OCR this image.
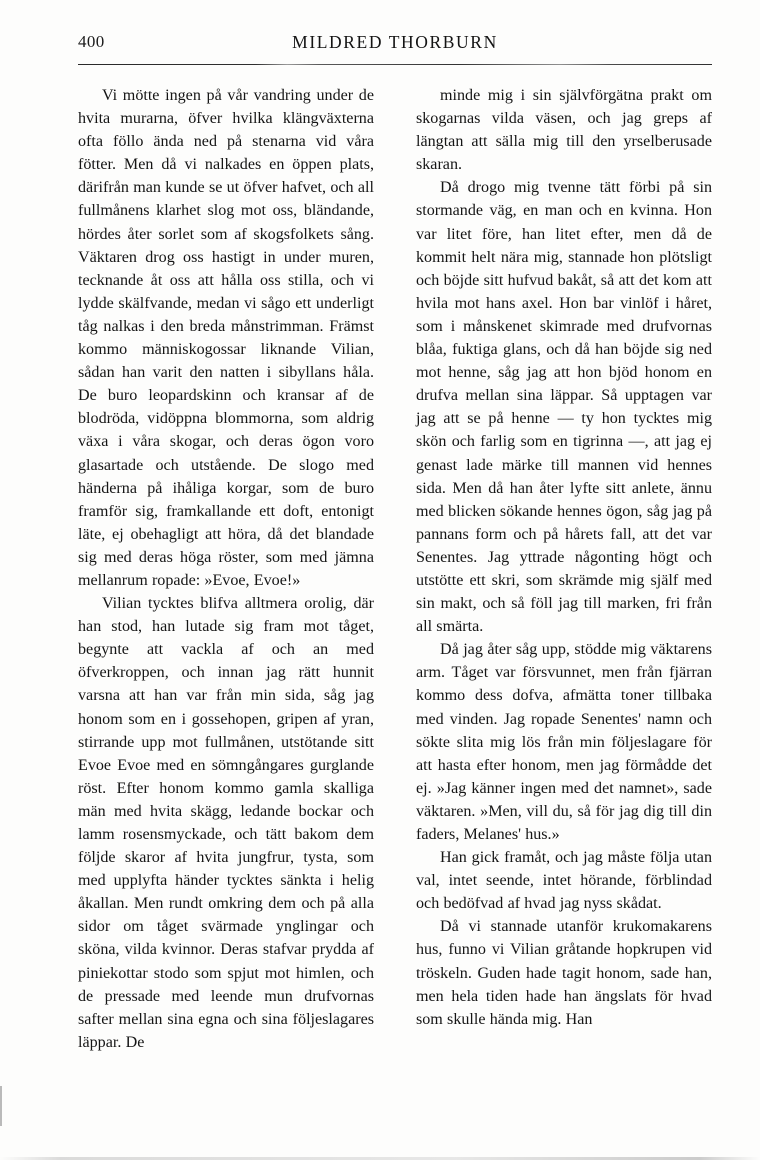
400	MILDRED THORBURN

Vi mötte ingen på vår vandring under de hvita murarna, öfver hvilka klängväxterna ofta föllo ända ned på stenarna vid våra fötter. Men då vi nalkades en öppen plats, därifrån man kunde se ut öfver hafvet, och all fullmånens klarhet slog mot oss, bländande, hördes åter sorlet som af skogsfolkets sång. Väktaren drog oss hastigt in under muren, tecknande åt oss att hålla oss stilla, och vi lydde skälfvande, medan vi sågo ett underligt tåg nalkas i den breda månstrimman. Främst kommo människogossar liknande Vilian, sådan han varit den natten i sibyllans håla. De buro leopardskinn och kransar af de blodröda, vidöppna blommorna, som aldrig växa i våra skogar, och deras ögon voro glasartade och utstående. De slogo med händerna på ihåliga korgar, som de buro framför sig, framkallande ett doft, entonigt läte, ej obehagligt att höra, då det blandade sig med deras höga röster, som med jämna mellanrum ropade: »Evoe, Evoe!»

Vilian tycktes blifva alltmera orolig, där han stod, han lutade sig fram mot tåget, begynte att vackla af och an med öfverkroppen, och innan jag rätt hunnit varsna att han var från min sida, såg jag honom som en i gossehopen, gripen af yran, stirrande upp mot fullmånen, utstötande sitt Evoe Evoe med en sömngångares gurglande röst. Efter honom kommo gamla skalliga män med hvita skägg, ledande bockar och lamm rosensmyckade, och tätt bakom dem följde skaror af hvita jungfrur, tysta, som med upplyfta händer tycktes sänkta i helig åkallan. Men rundt omkring dem och på alla sidor om tåget svärmade ynglingar och sköna, vilda kvinnor. Deras stafvar prydda af piniekottar stodo som spjut mot himlen, och de pressade med leende mun drufvornas safter mellan sina egna och sina följeslagares läppar. De

minde mig i sin självförgätna prakt om skogarnas vilda väsen, och jag greps af längtan att sälla mig till den yrselberusade skaran.

Då drogo mig tvenne tätt förbi på sin stormande väg, en man och en kvinna. Hon var litet före, han litet efter, men då de kommit helt nära mig, stannade hon plötsligt och böjde sitt hufvud bakåt, så att det kom att hvila mot hans axel. Hon bar vinlöf i håret, som i månskenet skimrade med drufvornas blåa, fuktiga glans, och då han böjde sig ned mot henne, såg jag att hon bjöd honom en drufva mellan sina läppar. Så upptagen var jag att se på henne — ty hon tycktes mig skön och farlig som en tigrinna —, att jag ej genast lade märke till mannen vid hennes sida. Men då han åter lyfte sitt anlete, ännu med blicken sökande hennes ögon, såg jag på pannans form och på hårets fall, att det var Senentes. Jag yttrade någonting högt och utstötte ett skri, som skrämde mig själf med sin makt, och så föll jag till marken, fri från all smärta.

Då jag åter såg upp, stödde mig väktarens arm. Tåget var försvunnet, men från fjärran kommo dess dofva, afmätta toner tillbaka med vinden. Jag ropade Senentes' namn och sökte slita mig lös från min följeslagare för att hasta efter honom, men jag förmådde det ej. »Jag känner ingen med det namnet», sade väktaren. »Men, vill du, så för jag dig till din faders, Melanes' hus.»

Han gick framåt, och jag måste följa utan val, intet seende, intet hörande, förblindad och bedöfvad af hvad jag nyss skådat.

Då vi stannade utanför krukomakarens hus, funno vi Vilian gråtande hopkrupen vid tröskeln. Guden hade tagit honom, sade han, men hela tiden hade han ängslats för hvad som skulle hända mig. Han
